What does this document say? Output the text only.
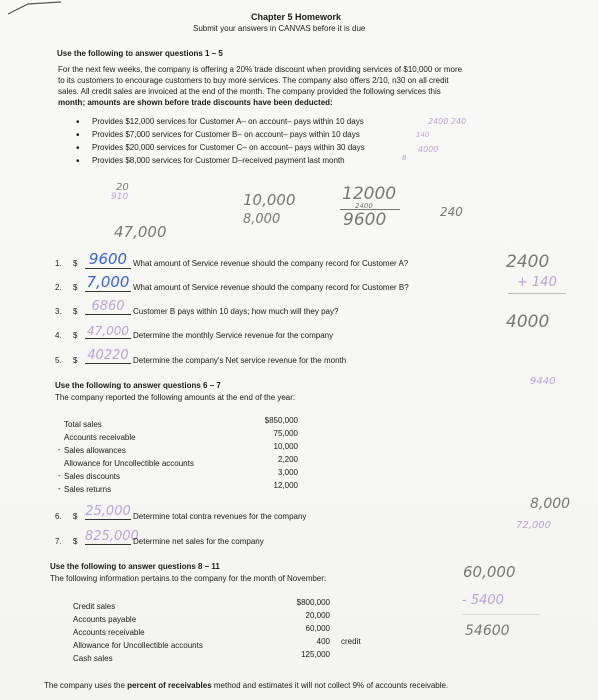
Chapter 5 Homework
Submit your answers in CANVAS before it is due
Use the following to answer questions 1 – 5
For the next few weeks, the company is offering a 20% trade discount when providing services of $10,000 or more
to its customers to encourage customers to buy more services. The company also offers 2/10, n30 on all credit
sales. All credit sales are invoiced at the end of the month. The company provided the following services this
month; amounts are shown before trade discounts have been deducted:
• Provides $12,000 services for Customer A– on account– pays within 10 days	2400 240
• Provides $7,000 services for Customer B– on account– pays within 10 days	140
• Provides $20,000 services for Customer C– on account– pays within 30 days	4000
• Provides $8,000 services for Customer D–received payment last month	8
20
910	10,000
8,000
12000
2400
9600	240
47,000
1. $ 9600 What amount of Service revenue should the company record for Customer A?
2. $ 7,000 What amount of Service revenue should the company record for Customer B?
3. $	6860	Customer B pays within 10 days; how much will they pay?
4. $ 47,000 Determine the monthly Service revenue for the company
5. $ 40220 Determine the company's Net service revenue for the month
2400
+ 140
4000
9440
Use the following to answer questions 6 – 7
The company reported the following amounts at the end of the year:
Total sales	$850,000
Accounts receivable	75,000
- Sales allowances	10,000
Allowance for Uncollectible accounts	2,200
- Sales discounts	3,000
- Sales returns	12,000
6. $ 25,000 Determine total contra revenues for the company
7. $ 825,000
Determine net sales for the company
8,000
72,000
Use the following to answer questions 8 – 11
The following information pertains to the company for the month of November:
Credit sales	$800,000
Accounts payable	20,000
Accounts receivable	60,000
Allowance for Uncollectible accounts	400 credit
Cash sales	125,000
60,000
- 5400
54600
The company uses the percent of receivables method and estimates it will not collect 9% of accounts receivable.
